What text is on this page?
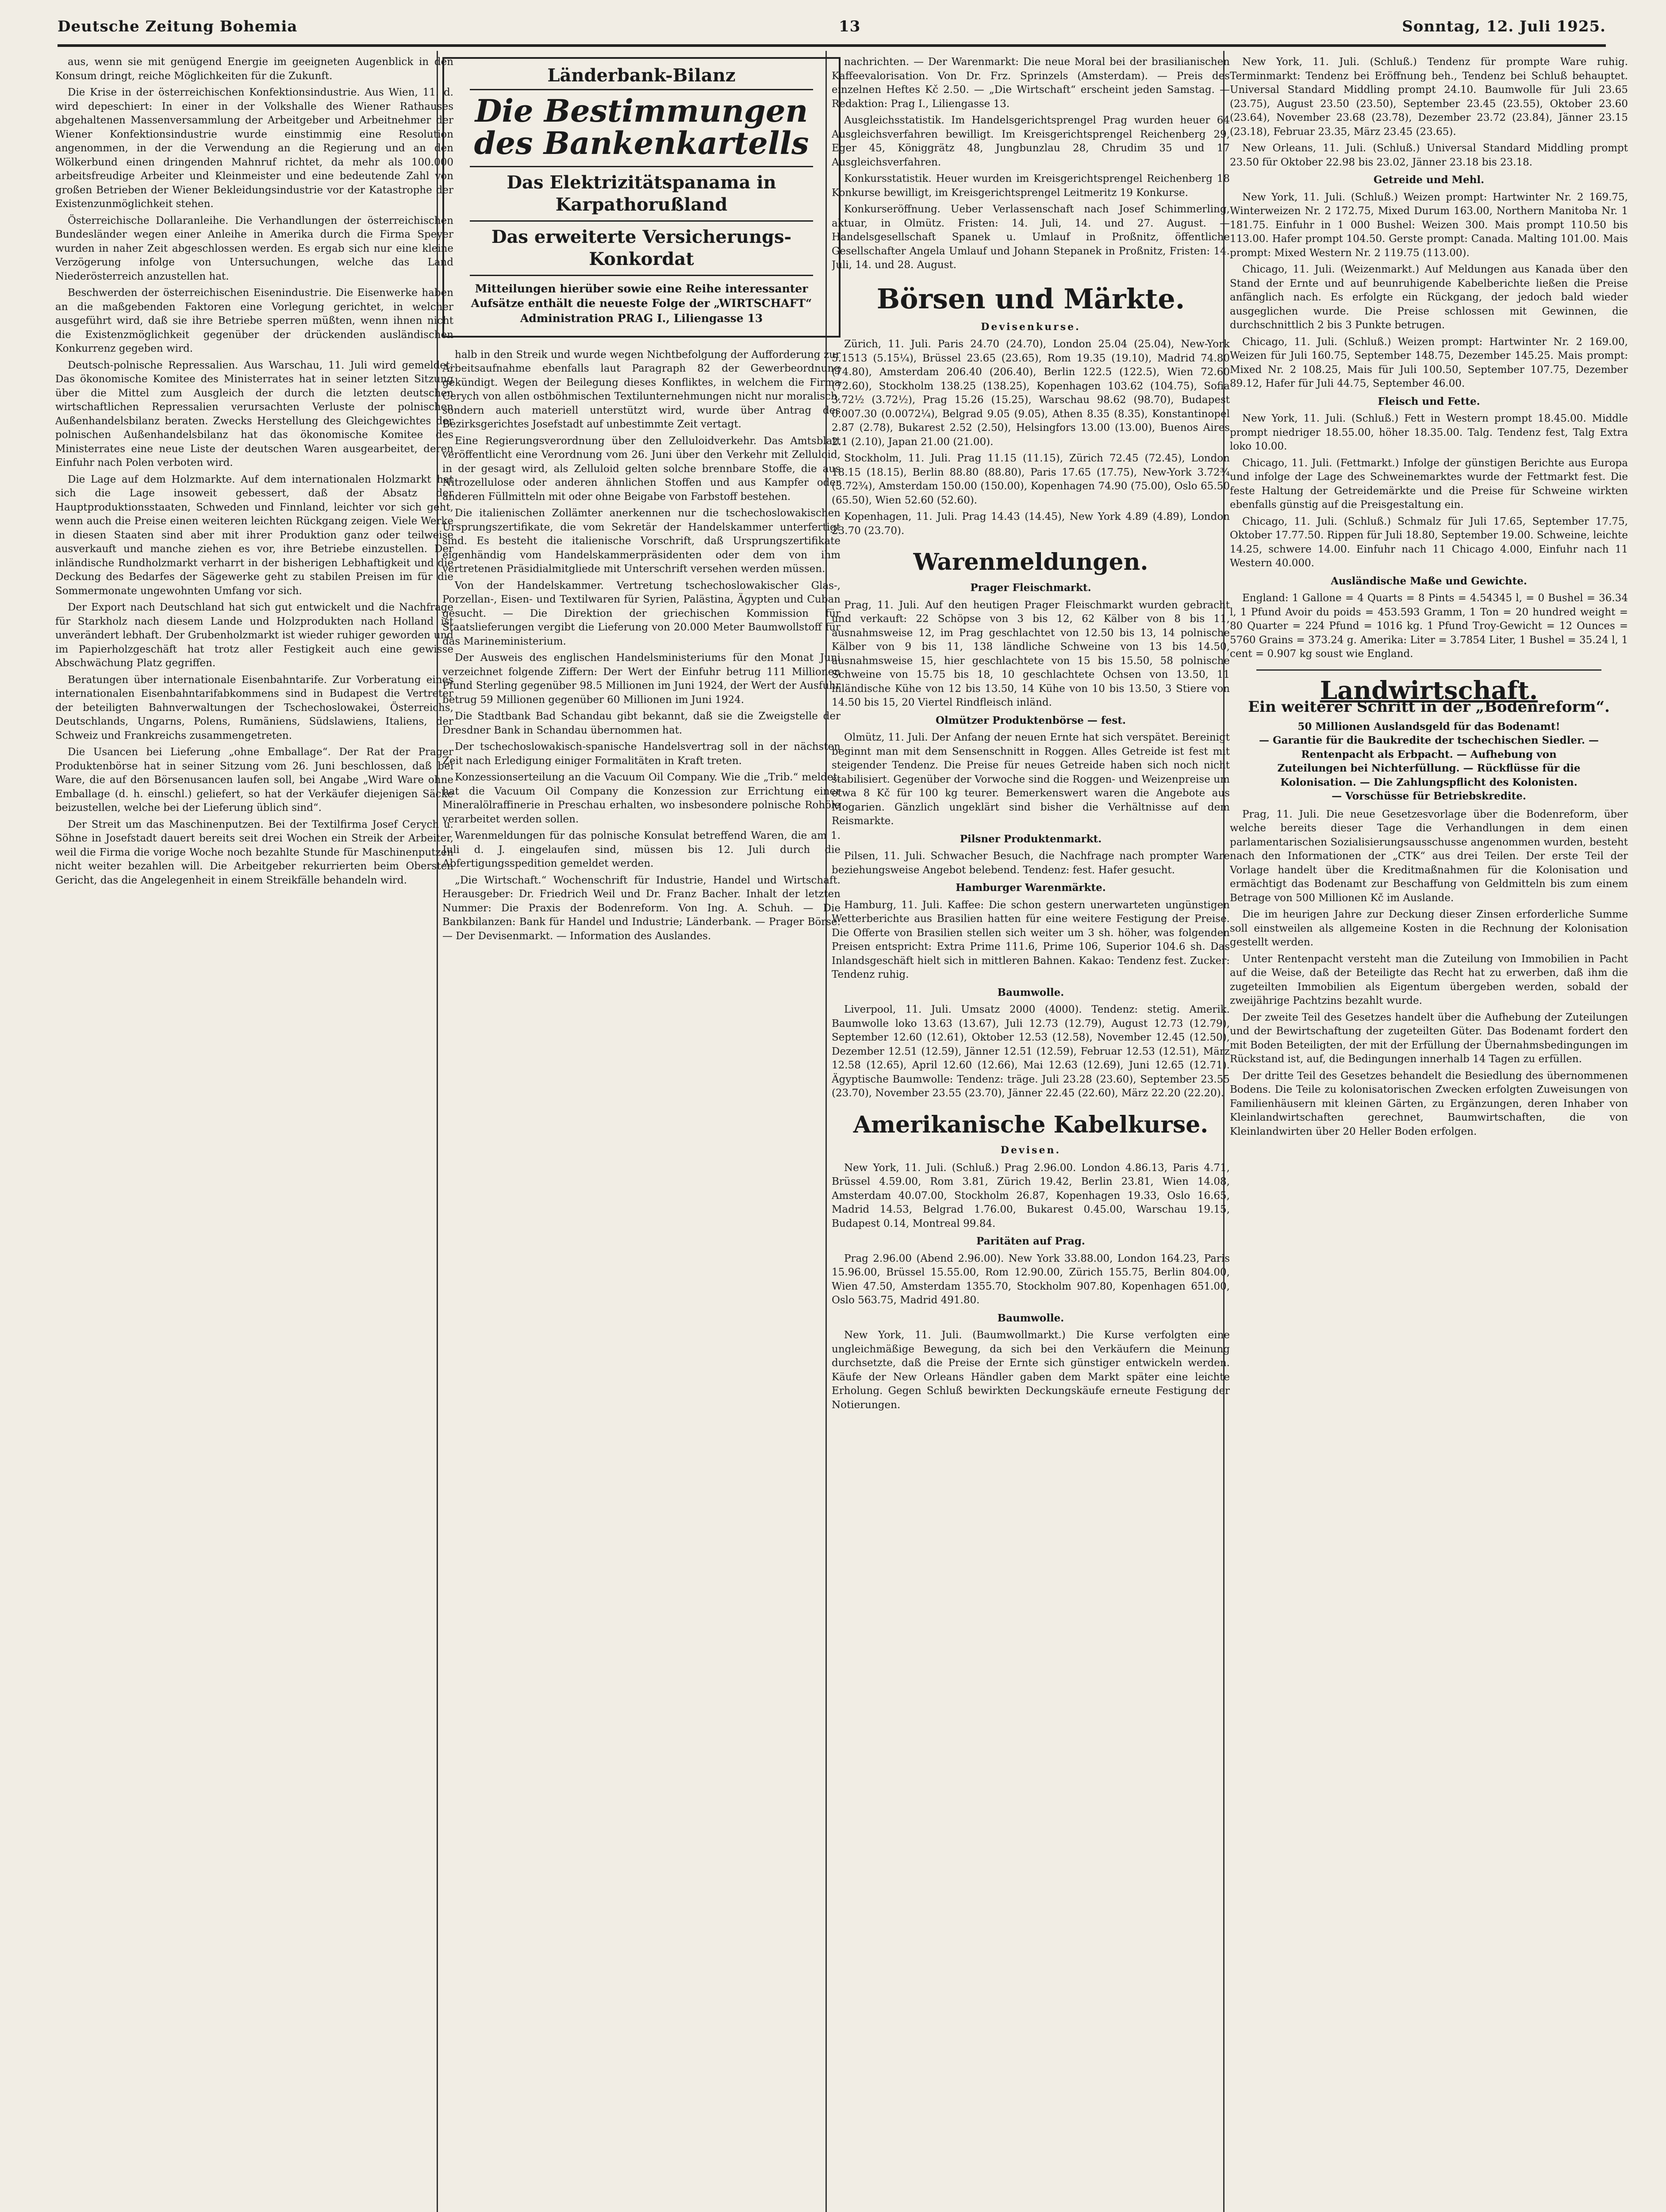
Deutsche Zeitung Bohemia	13	Sonntag, 12. Juli 1925.

aus, wenn sie mit genügend Energie im geeigneten Augenblick in den Konsum dringt, reiche Möglichkeiten für die Zukunft.

Die Krise in der österreichischen Konfektionsindustrie. Aus Wien, 11. d. wird depeschiert: In einer in der Volkshalle des Wiener Rathauses abgehaltenen Massenversammlung der Arbeitgeber und Arbeitnehmer der Wiener Konfektionsindustrie wurde einstimmig eine Resolution angenommen, in der die Verwendung an die Regierung und an den Wölkerbund einen dringenden Mahnruf richtet, da mehr als 100.000 arbeitsfreudige Arbeiter und Kleinmeister und eine bedeutende Zahl von großen Betrieben der Wiener Bekleidungsindustrie vor der Katastrophe der Existenzunmöglichkeit stehen.

Österreichische Dollaranleihe. Die Verhandlungen der österreichischen Bundesländer wegen einer Anleihe in Amerika durch die Firma Speyer wurden in naher Zeit abgeschlossen werden. Es ergab sich nur eine kleine Verzögerung infolge von Untersuchungen, welche das Land Niederösterreich anzustellen hat.

Beschwerden der österreichischen Eisenindustrie. Die Eisenwerke haben an die maßgebenden Faktoren eine Vorlegung gerichtet, in welcher ausgeführt wird, daß sie ihre Betriebe sperren müßten, wenn ihnen nicht die Existenzmöglichkeit gegenüber der drückenden ausländischen Konkurrenz gegeben wird.

Deutsch-polnische Repressalien. Aus Warschau, 11. Juli wird gemeldet: Das ökonomische Komitee des Ministerrates hat in seiner letzten Sitzung über die Mittel zum Ausgleich der durch die letzten deutschen wirtschaftlichen Repressalien verursachten Verluste der polnischen Außenhandelsbilanz beraten. Zwecks Herstellung des Gleichgewichtes der polnischen Außenhandelsbilanz hat das ökonomische Komitee des Ministerrates eine neue Liste der deutschen Waren ausgearbeitet, deren Einfuhr nach Polen verboten wird.

Die Lage auf dem Holzmarkte. Auf dem internationalen Holzmarkt hat sich die Lage insoweit gebessert, daß der Absatz der Hauptproduktionsstaaten, Schweden und Finnland, leichter vor sich geht, wenn auch die Preise einen weiteren leichten Rückgang zeigen. Viele Werke in diesen Staaten sind aber mit ihrer Produktion ganz oder teilweise ausverkauft und manche ziehen es vor, ihre Betriebe einzustellen. Der inländische Rundholzmarkt verharrt in der bisherigen Lebhaftigkeit und die Deckung des Bedarfes der Sägewerke geht zu stabilen Preisen im für die Sommermonate ungewohnten Umfang vor sich.

Der Export nach Deutschland hat sich gut entwickelt und die Nachfrage für Starkholz nach diesem Lande und Holzprodukten nach Holland ist unverändert lebhaft. Der Grubenholzmarkt ist wieder ruhiger geworden und im Papierholzgeschäft hat trotz aller Festigkeit auch eine gewisse Abschwächung Platz gegriffen.

Beratungen über internationale Eisenbahntarife. Zur Vorberatung eines internationalen Eisenbahntarifabkommens sind in Budapest die Vertreter der beteiligten Bahnverwaltungen der Tschechoslowakei, Österreichs, Deutschlands, Ungarns, Polens, Rumäniens, Südslawiens, Italiens, der Schweiz und Frankreichs zusammengetreten.

Die Usancen bei Lieferung „ohne Emballage“. Der Rat der Prager Produktenbörse hat in seiner Sitzung vom 26. Juni beschlossen, daß bei Ware, die auf den Börsenusancen laufen soll, bei Angabe „Wird Ware ohne Emballage (d. h. einschl.) geliefert, so hat der Verkäufer diejenigen Säcke beizustellen, welche bei der Lieferung üblich sind“.

Der Streit um das Maschinenputzen. Bei der Textilfirma Josef Cerych u. Söhne in Josefstadt dauert bereits seit drei Wochen ein Streik der Arbeiter, weil die Firma die vorige Woche noch bezahlte Stunde für Maschinenputzen nicht weiter bezahlen will. Die Arbeitgeber rekurrierten beim Obersten Gericht, das die Angelegenheit in einem Streikfälle behandeln wird.

Länderbank-Bilanz
Die Bestimmungen des Bankenkartells
Das Elektrizitätspanama in Karpathorußland
Das erweiterte Versicherungs-Konkordat
Mitteilungen hierüber sowie eine Reihe interessanter Aufsätze enthält die neueste Folge der „WIRTSCHAFT“ Administration PRAG I., Liliengasse 13

halb in den Streik und wurde wegen Nichtbefolgung der Aufforderung zur Arbeitsaufnahme ebenfalls laut Paragraph 82 der Gewerbeordnung gekündigt. Wegen der Beilegung dieses Konfliktes, in welchem die Firma Cerych von allen ostböhmischen Textilunternehmungen nicht nur moralisch, sondern auch materiell unterstützt wird, wurde über Antrag des Bezirksgerichtes Josefstadt auf unbestimmte Zeit vertagt.

Eine Regierungsverordnung über den Zelluloidverkehr. Das Amtsblatt veröffentlicht eine Verordnung vom 26. Juni über den Verkehr mit Zelluloid, in der gesagt wird, als Zelluloid gelten solche brennbare Stoffe, die aus Nitrozellulose oder anderen ähnlichen Stoffen und aus Kampfer oder anderen Füllmitteln mit oder ohne Beigabe von Farbstoff bestehen.

Die italienischen Zollämter anerkennen nur die tschechoslowakischen Ursprungszertifikate, die vom Sekretär der Handelskammer unterfertigt sind. Es besteht die italienische Vorschrift, daß Ursprungszertifikate eigenhändig vom Handelskammerpräsidenten oder dem von ihm vertretenen Präsidialmitgliede mit Unterschrift versehen werden müssen.

Von der Handelskammer. Vertretung tschechoslowakischer Glas-, Porzellan-, Eisen- und Textilwaren für Syrien, Palästina, Ägypten und Cuban gesucht. — Die Direktion der griechischen Kommission für Staatslieferungen vergibt die Lieferung von 20.000 Meter Baumwollstoff für das Marineministerium.

Der Ausweis des englischen Handelsministeriums für den Monat Juni verzeichnet folgende Ziffern: Der Wert der Einfuhr betrug 111 Millionen Pfund Sterling gegenüber 98.5 Millionen im Juni 1924, der Wert der Ausfuhr betrug 59 Millionen gegenüber 60 Millionen im Juni 1924.

Die Stadtbank Bad Schandau gibt bekannt, daß sie die Zweigstelle der Dresdner Bank in Schandau übernommen hat.

Der tschechoslowakisch-spanische Handelsvertrag soll in der nächsten Zeit nach Erledigung einiger Formalitäten in Kraft treten.

Konzessionserteilung an die Vacuum Oil Company. Wie die „Trib.“ meldet, hat die Vacuum Oil Company die Konzession zur Errichtung einer Mineralölraffinerie in Preschau erhalten, wo insbesondere polnische Rohöle verarbeitet werden sollen.

Warenmeldungen für das polnische Konsulat betreffend Waren, die am 1. Juli d. J. eingelaufen sind, müssen bis 12. Juli durch die Abfertigungsspedition gemeldet werden.

„Die Wirtschaft.“ Wochenschrift für Industrie, Handel und Wirtschaft. Herausgeber: Dr. Friedrich Weil und Dr. Franz Bacher. Inhalt der letzten Nummer: Die Praxis der Bodenreform. Von Ing. A. Schuh. — Die Bankbilanzen: Bank für Handel und Industrie; Länderbank. — Prager Börse. — Der Devisenmarkt. — Information des Auslandes.

nachrichten. — Der Warenmarkt: Die neue Moral bei der brasilianischen Kaffeevalorisation. Von Dr. Frz. Sprinzels (Amsterdam). — Preis des einzelnen Heftes Kč 2.50. — „Die Wirtschaft“ erscheint jeden Samstag. — Redaktion: Prag I., Liliengasse 13.

Ausgleichsstatistik. Im Handelsgerichtsprengel Prag wurden heuer 64 Ausgleichsverfahren bewilligt. Im Kreisgerichtsprengel Reichenberg 29, Eger 45, Königgrätz 48, Jungbunzlau 28, Chrudim 35 und 17 Ausgleichsverfahren.

Konkursstatistik. Heuer wurden im Kreisgerichtsprengel Reichenberg 18 Konkurse bewilligt, im Kreisgerichtsprengel Leitmeritz 19 Konkurse.

Konkurseröffnung. Ueber Verlassenschaft nach Josef Schimmerling, aktuar, in Olmütz. Fristen: 14. Juli, 14. und 27. August. — Handelsgesellschaft Spanek u. Umlauf in Proßnitz, öffentliche Gesellschafter Angela Umlauf und Johann Stepanek in Proßnitz, Fristen: 14. Juli, 14. und 28. August.

Börsen und Märkte.
Devisenkurse.

Zürich, 11. Juli. Paris 24.70 (24.70), London 25.04 (25.04), New-York 5.1513 (5.15¼), Brüssel 23.65 (23.65), Rom 19.35 (19.10), Madrid 74.80 (74.80), Amsterdam 206.40 (206.40), Berlin 122.5 (122.5), Wien 72.60 (72.60), Stockholm 138.25 (138.25), Kopenhagen 103.62 (104.75), Sofia 3.72½ (3.72½), Prag 15.26 (15.25), Warschau 98.62 (98.70), Budapest 0.007.30 (0.0072¼), Belgrad 9.05 (9.05), Athen 8.35 (8.35), Konstantinopel 2.87 (2.78), Bukarest 2.52 (2.50), Helsingfors 13.00 (13.00), Buenos Aires 2.1 (2.10), Japan 21.00 (21.00).

Stockholm, 11. Juli. Prag 11.15 (11.15), Zürich 72.45 (72.45), London 18.15 (18.15), Berlin 88.80 (88.80), Paris 17.65 (17.75), New-York 3.72¾ (3.72¾), Amsterdam 150.00 (150.00), Kopenhagen 74.90 (75.00), Oslo 65.50 (65.50), Wien 52.60 (52.60).

Kopenhagen, 11. Juli. Prag 14.43 (14.45), New York 4.89 (4.89), London 23.70 (23.70).

Warenmeldungen.
Prager Fleischmarkt.

Prag, 11. Juli. Auf den heutigen Prager Fleischmarkt wurden gebracht und verkauft: 22 Schöpse von 3 bis 12, 62 Kälber von 8 bis 11, ausnahmsweise 12, im Prag geschlachtet von 12.50 bis 13, 14 polnische Kälber von 9 bis 11, 138 ländliche Schweine von 13 bis 14.50, ausnahmsweise 15, hier geschlachtete von 15 bis 15.50, 58 polnische Schweine von 15.75 bis 18, 10 geschlachtete Ochsen von 13.50, 11 inländische Kühe von 12 bis 13.50, 14 Kühe von 10 bis 13.50, 3 Stiere von 14.50 bis 15, 20 Viertel Rindfleisch inländ.

Olmützer Produktenbörse — fest.

Olmütz, 11. Juli. Der Anfang der neuen Ernte hat sich verspätet. Bereinigt beginnt man mit dem Sensenschnitt in Roggen. Alles Getreide ist fest mit steigender Tendenz. Die Preise für neues Getreide haben sich noch nicht stabilisiert. Gegenüber der Vorwoche sind die Roggen- und Weizenpreise um etwa 8 Kč für 100 kg teurer. Bemerkenswert waren die Angebote aus Mogarien. Gänzlich ungeklärt sind bisher die Verhältnisse auf dem Reismarkte.

Pilsner Produktenmarkt.

Pilsen, 11. Juli. Schwacher Besuch, die Nachfrage nach prompter Ware beziehungsweise Angebot belebend. Tendenz: fest. Hafer gesucht.

Hamburger Warenmärkte.

Hamburg, 11. Juli. Kaffee: Die schon gestern unerwarteten ungünstigen Wetterberichte aus Brasilien hatten für eine weitere Festigung der Preise. Die Offerte von Brasilien stellen sich weiter um 3 sh. höher, was folgenden Preisen entspricht: Extra Prime 111.6, Prime 106, Superior 104.6 sh. Das Inlandsgeschäft hielt sich in mittleren Bahnen. Kakao: Tendenz fest. Zucker: Tendenz ruhig.

Baumwolle.

Liverpool, 11. Juli. Umsatz 2000 (4000). Tendenz: stetig. Amerik. Baumwolle loko 13.63 (13.67), Juli 12.73 (12.79), August 12.73 (12.79), September 12.60 (12.61), Oktober 12.53 (12.58), November 12.45 (12.50), Dezember 12.51 (12.59), Jänner 12.51 (12.59), Februar 12.53 (12.51), März 12.58 (12.65), April 12.60 (12.66), Mai 12.63 (12.69), Juni 12.65 (12.71). Ägyptische Baumwolle: Tendenz: träge. Juli 23.28 (23.60), September 23.55 (23.70), November 23.55 (23.70), Jänner 22.45 (22.60), März 22.20 (22.20).

Amerikanische Kabelkurse.
Devisen.

New York, 11. Juli. (Schluß.) Prag 2.96.00. London 4.86.13, Paris 4.71, Brüssel 4.59.00, Rom 3.81, Zürich 19.42, Berlin 23.81, Wien 14.08, Amsterdam 40.07.00, Stockholm 26.87, Kopenhagen 19.33, Oslo 16.65, Madrid 14.53, Belgrad 1.76.00, Bukarest 0.45.00, Warschau 19.15, Budapest 0.14, Montreal 99.84.

Paritäten auf Prag.

Prag 2.96.00 (Abend 2.96.00). New York 33.88.00, London 164.23, Paris 15.96.00, Brüssel 15.55.00, Rom 12.90.00, Zürich 155.75, Berlin 804.00, Wien 47.50, Amsterdam 1355.70, Stockholm 907.80, Kopenhagen 651.00, Oslo 563.75, Madrid 491.80.

Baumwolle.

New York, 11. Juli. (Baumwollmarkt.) Die Kurse verfolgten eine ungleichmäßige Bewegung, da sich bei den Verkäufern die Meinung durchsetzte, daß die Preise der Ernte sich günstiger entwickeln werden. Käufe der New Orleans Händler gaben dem Markt später eine leichte Erholung. Gegen Schluß bewirkten Deckungskäufe erneute Festigung der Notierungen.

New York, 11. Juli. (Schluß.) Tendenz für prompte Ware ruhig. Terminmarkt: Tendenz bei Eröffnung beh., Tendenz bei Schluß behauptet. Universal Standard Middling prompt 24.10. Baumwolle für Juli 23.65 (23.75), August 23.50 (23.50), September 23.45 (23.55), Oktober 23.60 (23.64), November 23.68 (23.78), Dezember 23.72 (23.84), Jänner 23.15 (23.18), Februar 23.35, März 23.45 (23.65).

New Orleans, 11. Juli. (Schluß.) Universal Standard Middling prompt 23.50 für Oktober 22.98 bis 23.02, Jänner 23.18 bis 23.18.

Getreide und Mehl.

New York, 11. Juli. (Schluß.) Weizen prompt: Hartwinter Nr. 2 169.75, Winterweizen Nr. 2 172.75, Mixed Durum 163.00, Northern Manitoba Nr. 1 181.75. Einfuhr in 1 000 Bushel: Weizen 300. Mais prompt 110.50 bis 113.00. Hafer prompt 104.50. Gerste prompt: Canada. Malting 101.00. Mais prompt: Mixed Western Nr. 2 119.75 (113.00).

Chicago, 11. Juli. (Weizenmarkt.) Auf Meldungen aus Kanada über den Stand der Ernte und auf beunruhigende Kabelberichte ließen die Preise anfänglich nach. Es erfolgte ein Rückgang, der jedoch bald wieder ausgeglichen wurde. Die Preise schlossen mit Gewinnen, die durchschnittlich 2 bis 3 Punkte betrugen.

Chicago, 11. Juli. (Schluß.) Weizen prompt: Hartwinter Nr. 2 169.00, Weizen für Juli 160.75, September 148.75, Dezember 145.25. Mais prompt: Mixed Nr. 2 108.25, Mais für Juli 100.50, September 107.75, Dezember 89.12, Hafer für Juli 44.75, September 46.00.

Fleisch und Fette.

New York, 11. Juli. (Schluß.) Fett in Western prompt 18.45.00. Middle prompt niedriger 18.55.00, höher 18.35.00. Talg. Tendenz fest, Talg Extra loko 10.00.

Chicago, 11. Juli. (Fettmarkt.) Infolge der günstigen Berichte aus Europa und infolge der Lage des Schweinemarktes wurde der Fettmarkt fest. Die feste Haltung der Getreidemärkte und die Preise für Schweine wirkten ebenfalls günstig auf die Preisgestaltung ein.

Chicago, 11. Juli. (Schluß.) Schmalz für Juli 17.65, September 17.75, Oktober 17.77.50. Rippen für Juli 18.80, September 19.00. Schweine, leichte 14.25, schwere 14.00. Einfuhr nach 11 Chicago 4.000, Einfuhr nach 11 Western 40.000.

Ausländische Maße und Gewichte.

England: 1 Gallone = 4 Quarts = 8 Pints = 4.54345 l, = 0 Bushel = 36.34 l, 1 Pfund Avoir du poids = 453.593 Gramm, 1 Ton = 20 hundred weight = 80 Quarter = 224 Pfund = 1016 kg. 1 Pfund Troy-Gewicht = 12 Ounces = 5760 Grains = 373.24 g. Amerika: Liter = 3.7854 Liter, 1 Bushel = 35.24 l, 1 cent = 0.907 kg soust wie England.

Landwirtschaft.
Ein weiterer Schritt in der „Bodenreform“.
50 Millionen Auslandsgeld für das Bodenamt!
— Garantie für die Baukredite der tschechischen Siedler. — Rentenpacht als Erbpacht. — Aufhebung von
Zuteilungen bei Nichterfüllung. — Rückflüsse für die
Kolonisation. — Die Zahlungspflicht des Kolonisten.
— Vorschüsse für Betriebskredite.

Prag, 11. Juli. Die neue Gesetzesvorlage über die Bodenreform, über welche bereits dieser Tage die Verhandlungen in dem einen parlamentarischen Sozialisierungsausschusse angenommen wurden, besteht nach den Informationen der „CTK“ aus drei Teilen. Der erste Teil der Vorlage handelt über die Kreditmaßnahmen für die Kolonisation und ermächtigt das Bodenamt zur Beschaffung von Geldmitteln bis zum einem Betrage von 500 Millionen Kč im Auslande.

Die im heurigen Jahre zur Deckung dieser Zinsen erforderliche Summe soll einstweilen als allgemeine Kosten in die Rechnung der Kolonisation gestellt werden.

Unter Rentenpacht versteht man die Zuteilung von Immobilien in Pacht auf die Weise, daß der Beteiligte das Recht hat zu erwerben, daß ihm die zugeteilten Immobilien als Eigentum übergeben werden, sobald der zweijährige Pachtzins bezahlt wurde.

Der zweite Teil des Gesetzes handelt über die Aufhebung der Zuteilungen und der Bewirtschaftung der zugeteilten Güter. Das Bodenamt fordert den mit Boden Beteiligten, der mit der Erfüllung der Übernahmsbedingungen im Rückstand ist, auf, die Bedingungen innerhalb 14 Tagen zu erfüllen.

Der dritte Teil des Gesetzes behandelt die Besiedlung des übernommenen Bodens. Die Teile zu kolonisatorischen Zwecken erfolgten Zuweisungen von Familienhäusern mit kleinen Gärten, zu Ergänzungen, deren Inhaber von Kleinlandwirtschaften gerechnet, Baumwirtschaften, die von Kleinlandwirten über 20 Heller Boden erfolgen.
